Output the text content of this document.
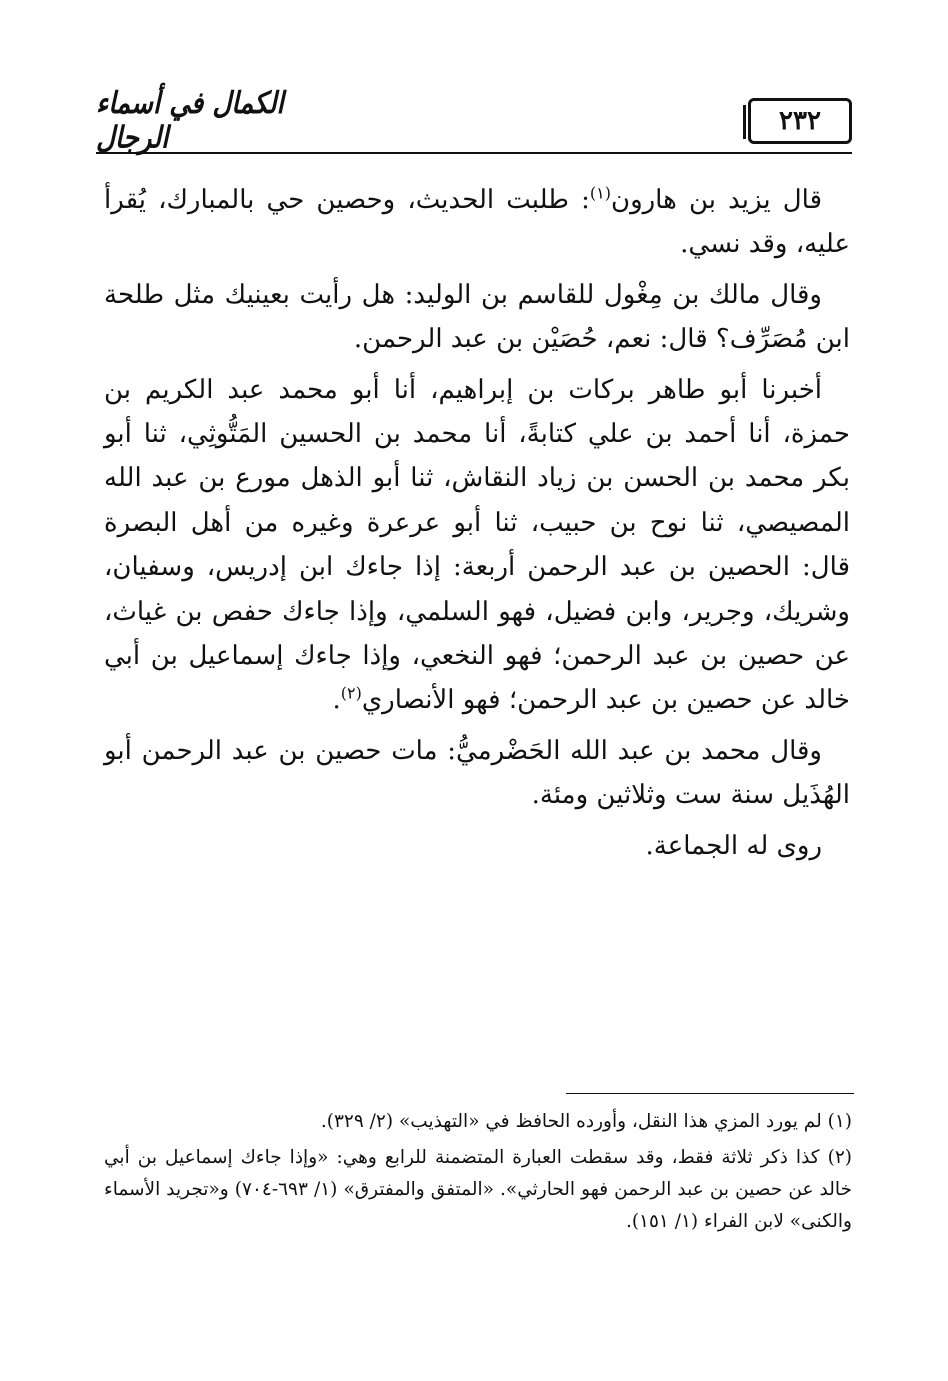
الكمال في أسماء الرجال	٢٣٢

قال يزيد بن هارون$^{(١)}$: طلبت الحديث، وحصين حي بالمبارك، يُقرأ عليه، وقد نسي.

وقال مالك بن مِغْول للقاسم بن الوليد: هل رأيت بعينيك مثل طلحة ابن مُصَرِّف؟ قال: نعم، حُصَيْن بن عبد الرحمن.

أخبرنا أبو طاهر بركات بن إبراهيم، أنا أبو محمد عبد الكريم بن حمزة، أنا أحمد بن علي كتابةً، أنا محمد بن الحسين المَتُّوثِي، ثنا أبو بكر محمد بن الحسن بن زياد النقاش، ثنا أبو الذهل مورع بن عبد الله المصيصي، ثنا نوح بن حبيب، ثنا أبو عرعرة وغيره من أهل البصرة قال: الحصين بن عبد الرحمن أربعة: إذا جاءك ابن إدريس، وسفيان، وشريك، وجرير، وابن فضيل، فهو السلمي، وإذا جاءك حفص بن غياث، عن حصين بن عبد الرحمن؛ فهو النخعي، وإذا جاءك إسماعيل بن أبي خالد عن حصين بن عبد الرحمن؛ فهو الأنصاري$^{(٢)}$.

وقال محمد بن عبد الله الحَضْرميُّ: مات حصين بن عبد الرحمن أبو الهُذَيل سنة ست وثلاثين ومئة.

روى له الجماعة.

(١) لم يورد المزي هذا النقل، وأورده الحافظ في «التهذيب» (٢/ ٣٢٩).

(٢) كذا ذكر ثلاثة فقط، وقد سقطت العبارة المتضمنة للرابع وهي: «وإذا جاءك إسماعيل بن أبي خالد عن حصين بن عبد الرحمن فهو الحارثي». «المتفق والمفترق» (١/ ٦٩٣-٧٠٤) و«تجريد الأسماء والكنى» لابن الفراء (١/ ١٥١).
